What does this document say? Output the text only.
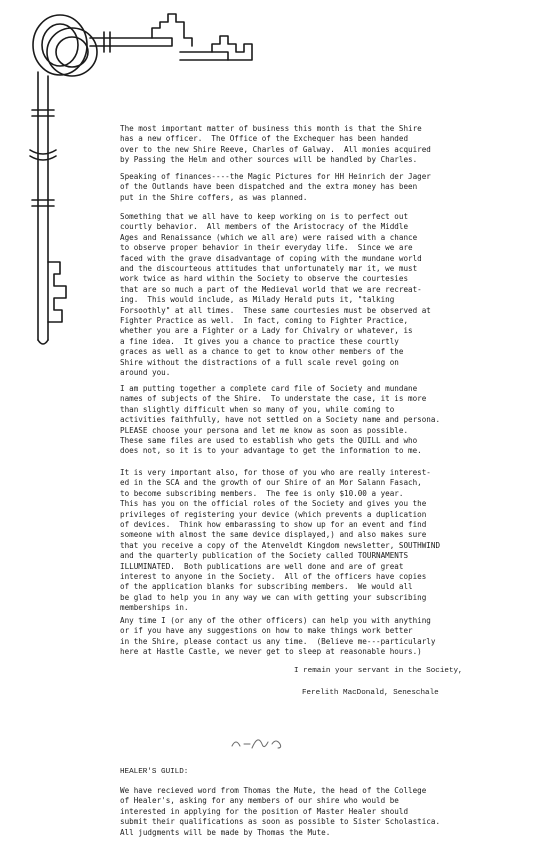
The most important matter of business this month is that the Shire
has a new officer.  The Office of the Exchequer has been handed
over to the new Shire Reeve, Charles of Galway.  All monies acquired
by Passing the Helm and other sources will be handled by Charles.
Speaking of finances----the Magic Pictures for HH Heinrich der Jager
of the Outlands have been dispatched and the extra money has been
put in the Shire coffers, as was planned.
Something that we all have to keep working on is to perfect out
courtly behavior.  All members of the Aristocracy of the Middle
Ages and Renaissance (which we all are) were raised with a chance
to observe proper behavior in their everyday life.  Since we are
faced with the grave disadvantage of coping with the mundane world
and the discourteous attitudes that unfortunately mar it, we must
work twice as hard within the Society to observe the courtesies
that are so much a part of the Medieval world that we are recreat-
ing.  This would include, as Milady Herald puts it, "talking
Forsoothly" at all times.  These same courtesies must be observed at
Fighter Practice as well.  In fact, coming to Fighter Practice,
whether you are a Fighter or a Lady for Chivalry or whatever, is
a fine idea.  It gives you a chance to practice these courtly
graces as well as a chance to get to know other members of the
Shire without the distractions of a full scale revel going on
around you.
I am putting together a complete card file of Society and mundane
names of subjects of the Shire.  To understate the case, it is more
than slightly difficult when so many of you, while coming to
activities faithfully, have not settled on a Society name and persona.
PLEASE choose your persona and let me know as soon as possible.
These same files are used to establish who gets the QUILL and who
does not, so it is to your advantage to get the information to me.
It is very important also, for those of you who are really interest-
ed in the SCA and the growth of our Shire of an Mor Salann Fasach,
to become subscribing members.  The fee is only $10.00 a year.
This has you on the official roles of the Society and gives you the
privileges of registering your device (which prevents a duplication
of devices.  Think how embarassing to show up for an event and find
someone with almost the same device displayed,) and also makes sure
that you receive a copy of the Atenveldt Kingdom newsletter, SOUTHWIND
and the quarterly publication of the Society called TOURNAMENTS
ILLUMINATED.  Both publications are well done and are of great
interest to anyone in the Society.  All of the officers have copies
of the application blanks for subscribing members.  We would all
be glad to help you in any way we can with getting your subscribing
memberships in.
Any time I (or any of the other officers) can help you with anything
or if you have any suggestions on how to make things work better
in the Shire, please contact us any time.  (Believe me---particularly
here at Hastle Castle, we never get to sleep at reasonable hours.)
I remain your servant in the Society,
Ferelith MacDonald, Seneschale
HEALER'S GUILD:
We have recieved word from Thomas the Mute, the head of the College
of Healer's, asking for any members of our shire who would be
interested in applying for the position of Master Healer should
submit their qualifications as soon as possible to Sister Scholastica.
All judgments will be made by Thomas the Mute.
